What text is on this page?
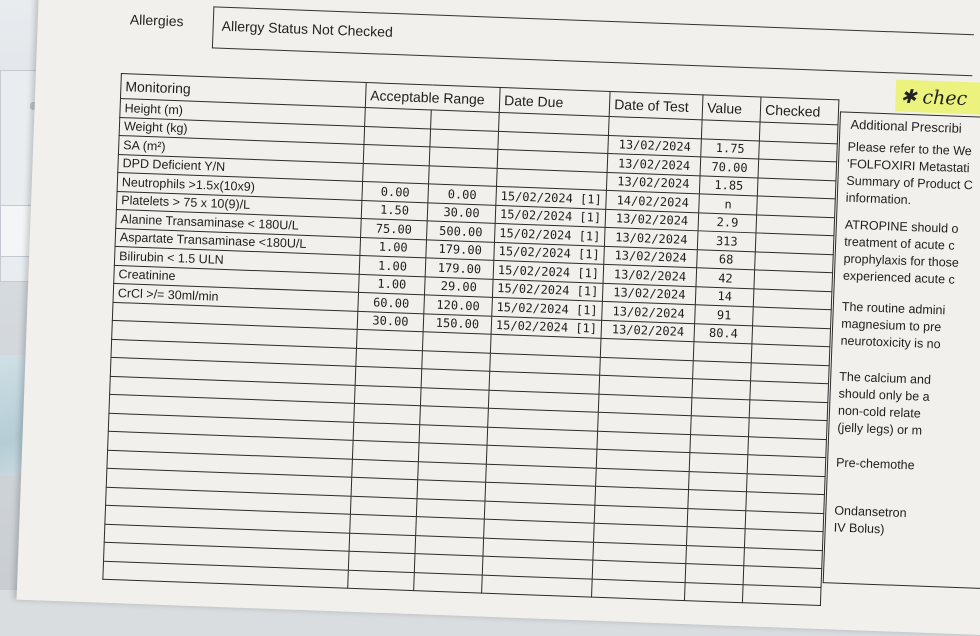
Allergies	Allergy Status Not Checked
✱ chec
Monitoring	Acceptable Range		Date Due	Date of Test	Value	Checked
Height (m)						
Weight (kg)				13/02/2024	1.75	
SA (m²)				13/02/2024	70.00	
DPD Deficient Y/N				13/02/2024	1.85	
Neutrophils >1.5x(10x9)	0.00	0.00	15/02/2024 [1]	14/02/2024	n	
Platelets > 75 x 10(9)/L	1.50	30.00	15/02/2024 [1]	13/02/2024	2.9	
Alanine Transaminase < 180U/L	75.00	500.00	15/02/2024 [1]	13/02/2024	313	
Aspartate Transaminase <180U/L	1.00	179.00	15/02/2024 [1]	13/02/2024	68	
Bilirubin < 1.5 ULN	1.00	179.00	15/02/2024 [1]	13/02/2024	42	
Creatinine	1.00	29.00	15/02/2024 [1]	13/02/2024	14	
CrCl >/= 30ml/min	60.00	120.00	15/02/2024 [1]	13/02/2024	91	
	30.00	150.00	15/02/2024 [1]	13/02/2024	80.4	

Additional Prescribi
Please refer to the We
'FOLFOXIRI Metastati
Summary of Product C
information.
ATROPINE should o
treatment of acute c
prophylaxis for those
experienced acute c
The routine admini
magnesium to pre
neurotoxicity is no
The calcium and
should only be a
non-cold relate
(jelly legs) or m
Pre-chemothe
Ondansetron
IV Bolus)
